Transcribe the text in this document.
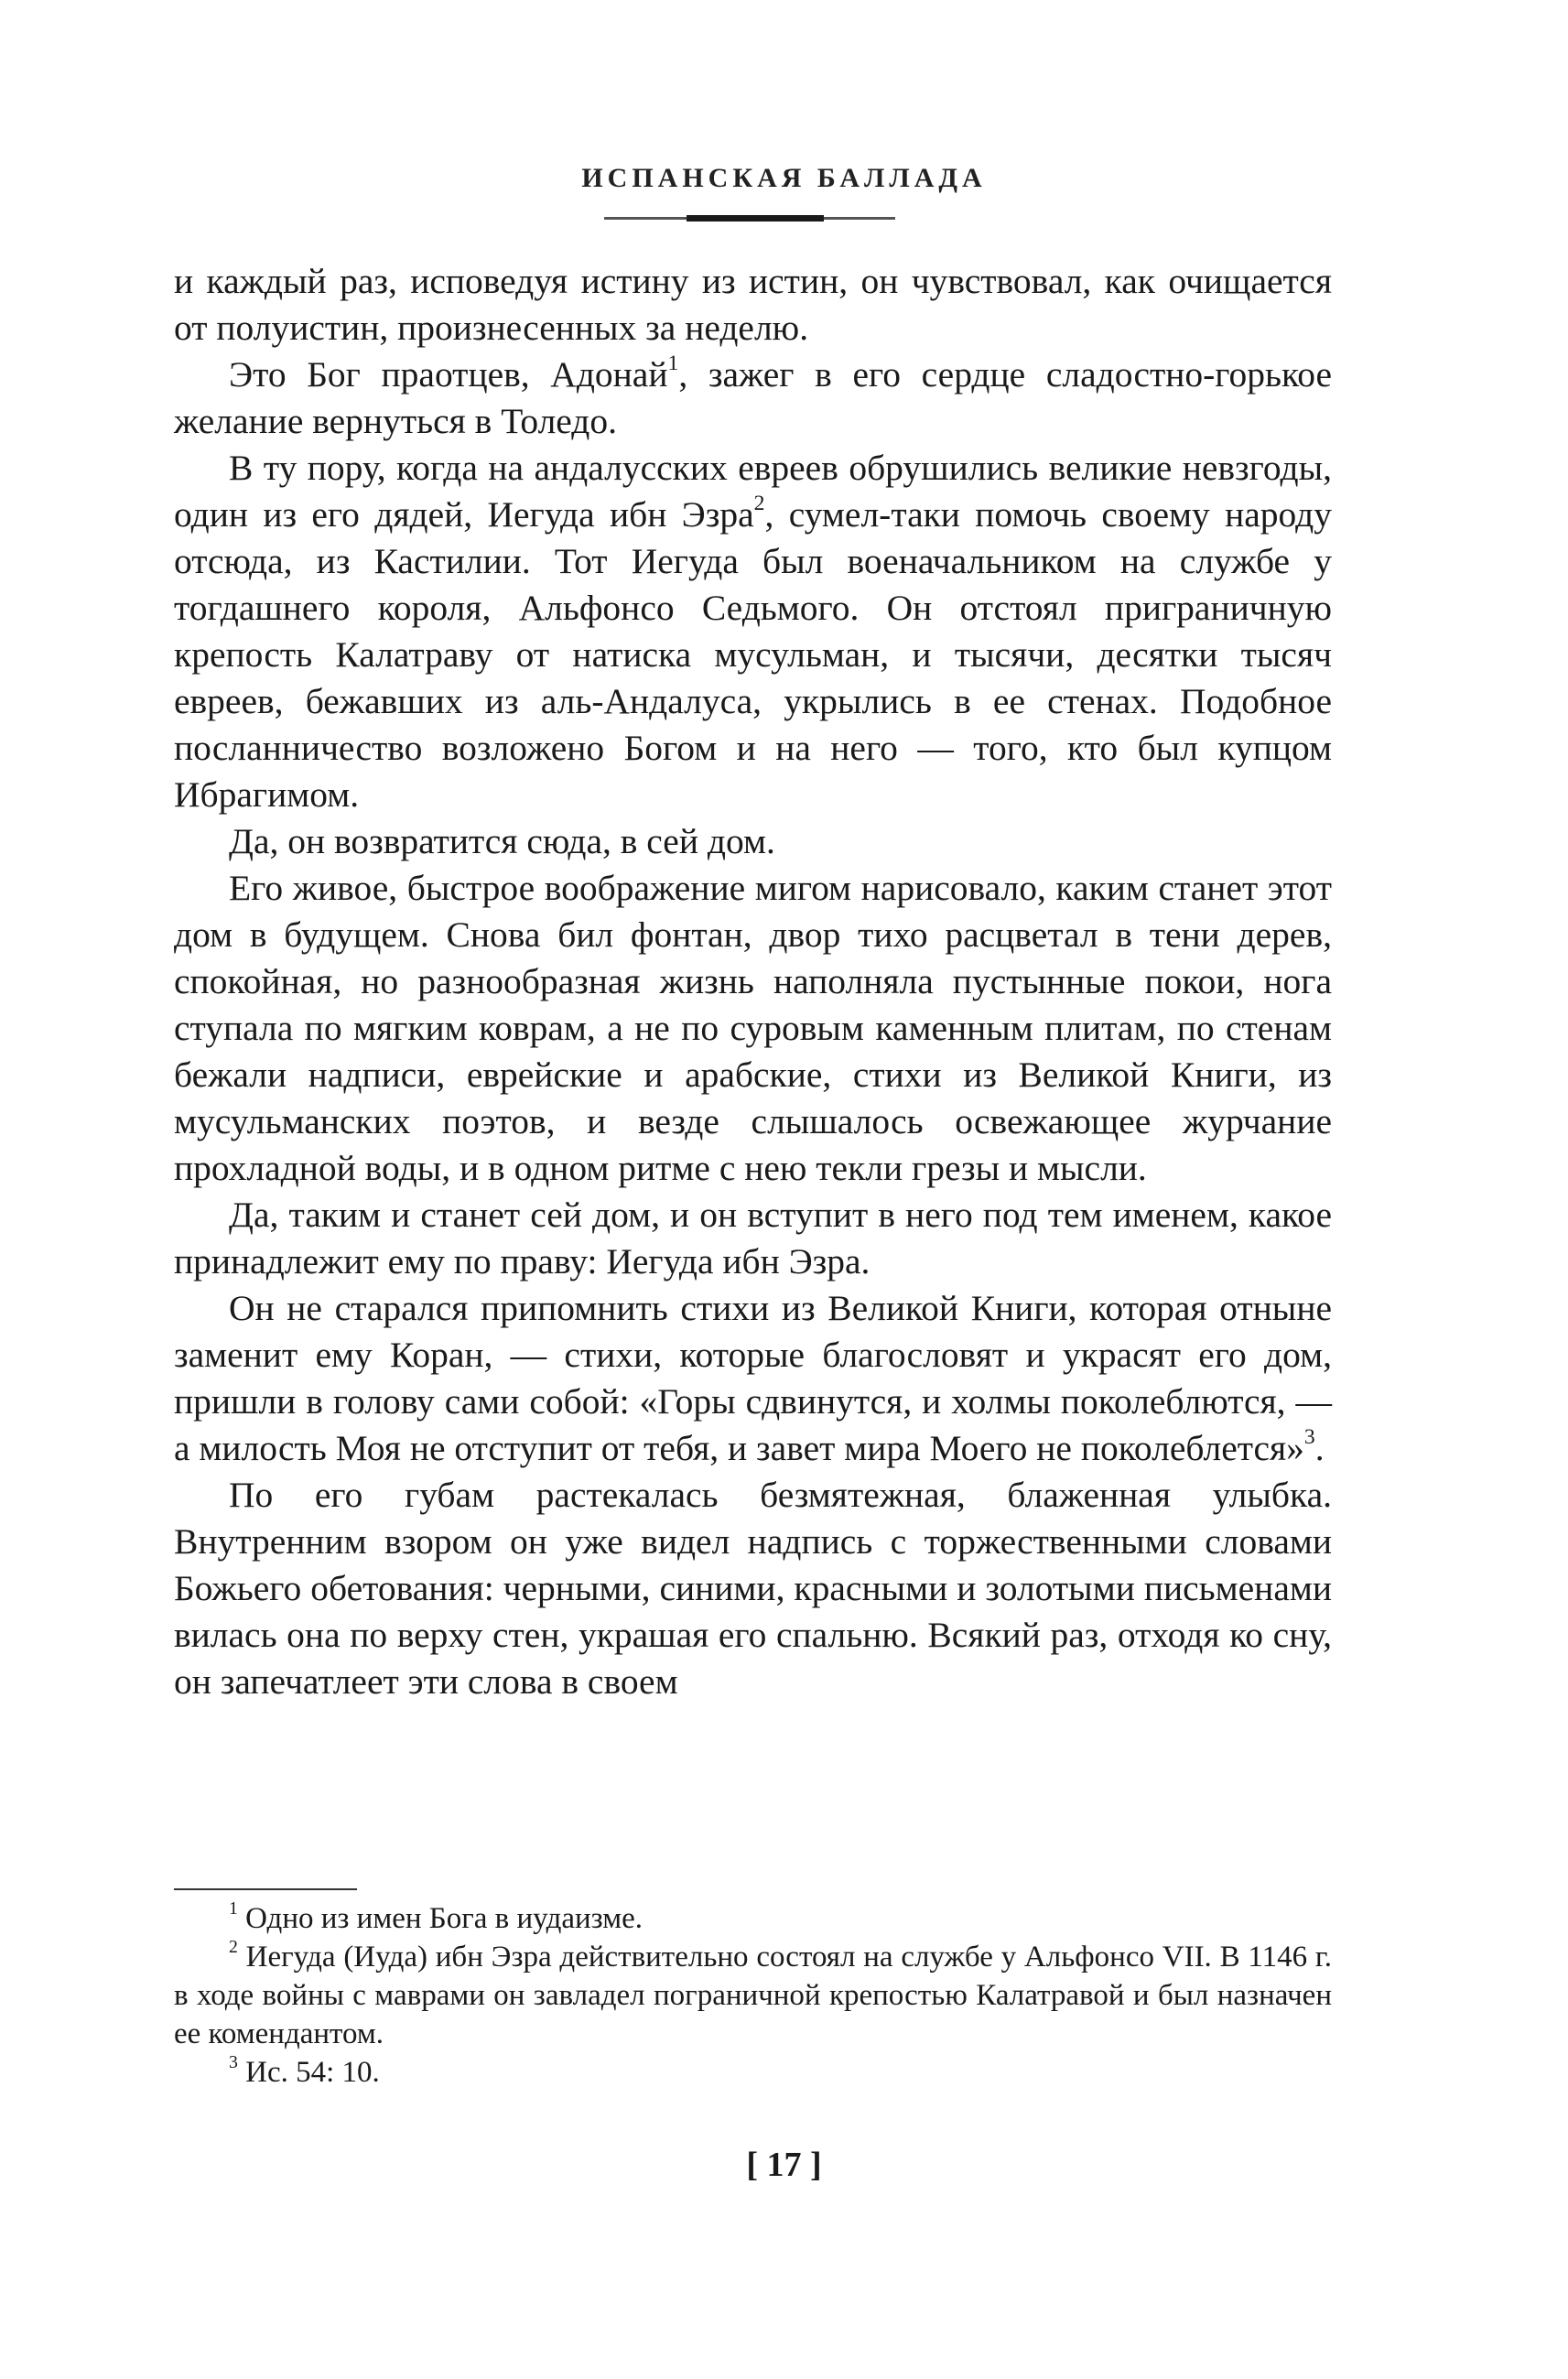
ИСПАНСКАЯ БАЛЛАДА

и каждый раз, исповедуя истину из истин, он чувствовал, как очищается от полуистин, произнесенных за неделю.

Это Бог праотцев, Адонай$^1$, зажег в его сердце сладостно-горькое желание вернуться в Толедо.

В ту пору, когда на андалусских евреев обрушились великие невзгоды, один из его дядей, Иегуда ибн Эзра$^2$, сумел-таки помочь своему народу отсюда, из Кастилии. Тот Иегуда был военачальником на службе у тогдашнего короля, Альфонсо Седьмого. Он отстоял приграничную крепость Калатраву от натиска мусульман, и тысячи, десятки тысяч евреев, бежавших из аль-Андалуса, укрылись в ее стенах. Подобное посланничество возложено Богом и на него — того, кто был купцом Ибрагимом.

Да, он возвратится сюда, в сей дом.

Его живое, быстрое воображение мигом нарисовало, каким станет этот дом в будущем. Снова бил фонтан, двор тихо расцветал в тени дерев, спокойная, но разнообразная жизнь наполняла пустынные покои, нога ступала по мягким коврам, а не по суровым каменным плитам, по стенам бежали надписи, еврейские и арабские, стихи из Великой Книги, из мусульманских поэтов, и везде слышалось освежающее журчание прохладной воды, и в одном ритме с нею текли грезы и мысли.

Да, таким и станет сей дом, и он вступит в него под тем именем, какое принадлежит ему по праву: Иегуда ибн Эзра.

Он не старался припомнить стихи из Великой Книги, которая отныне заменит ему Коран, — стихи, которые благословят и украсят его дом, пришли в голову сами собой: «Горы сдвинутся, и холмы поколеблются, — а милость Моя не отступит от тебя, и завет мира Моего не поколеблется»$^3$.

По его губам растекалась безмятежная, блаженная улыбка. Внутренним взором он уже видел надпись с торжественными словами Божьего обетования: черными, синими, красными и золотыми письменами вилась она по верху стен, украшая его спальню. Всякий раз, отходя ко сну, он запечатлеет эти слова в своем

$^1$ Одно из имен Бога в иудаизме.

$^2$ Иегуда (Иуда) ибн Эзра действительно состоял на службе у Альфонсо VII. В 1146 г. в ходе войны с маврами он завладел пограничной крепостью Калатравой и был назначен ее комендантом.

$^3$ Ис. 54: 10.

[ 17 ]
